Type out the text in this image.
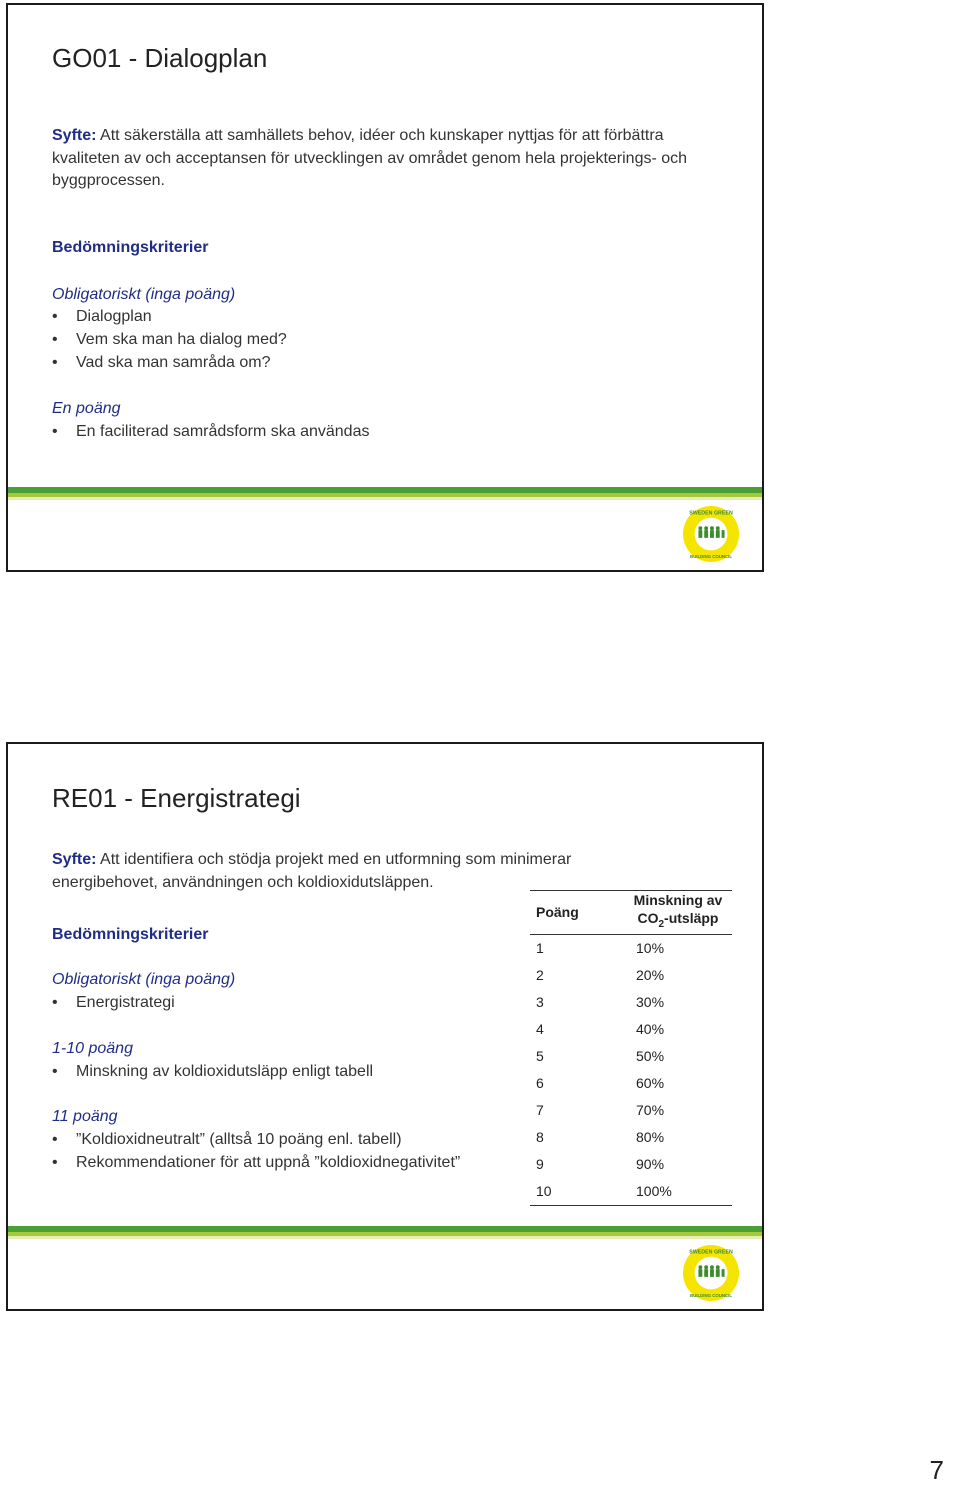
GO01 - Dialogplan
Syfte: Att säkerställa att samhällets behov, idéer och kunskaper nyttjas för att förbättra kvaliteten av och acceptansen för utvecklingen av området genom hela projekterings- och byggprocessen.
Bedömningskriterier
Obligatoriskt (inga poäng)
• Dialogplan
• Vem ska man ha dialog med?
• Vad ska man samråda om?
En poäng
• En faciliterad samrådsform ska användas
SWEDEN GREEN
BUILDING COUNCIL
RE01 - Energistrategi
Syfte: Att identifiera och stödja projekt med en utformning som minimerar energibehovet, användningen och koldioxidutsläppen.
Bedömningskriterier
Obligatoriskt (inga poäng)
• Energistrategi
1-10 poäng
• Minskning av koldioxidutsläpp enligt tabell
11 poäng
• ”Koldioxidneutralt” (alltså 10 poäng enl. tabell)
• Rekommendationer för att uppnå ”koldioxidnegativitet”
Poäng	Minskning av
$CO_2$-utsläpp
1	10%
2	20%
3	30%
4	40%
5	50%
6	60%
7	70%
8	80%
9	90%
10	100%

SWEDEN GREEN
BUILDING COUNCIL
7
